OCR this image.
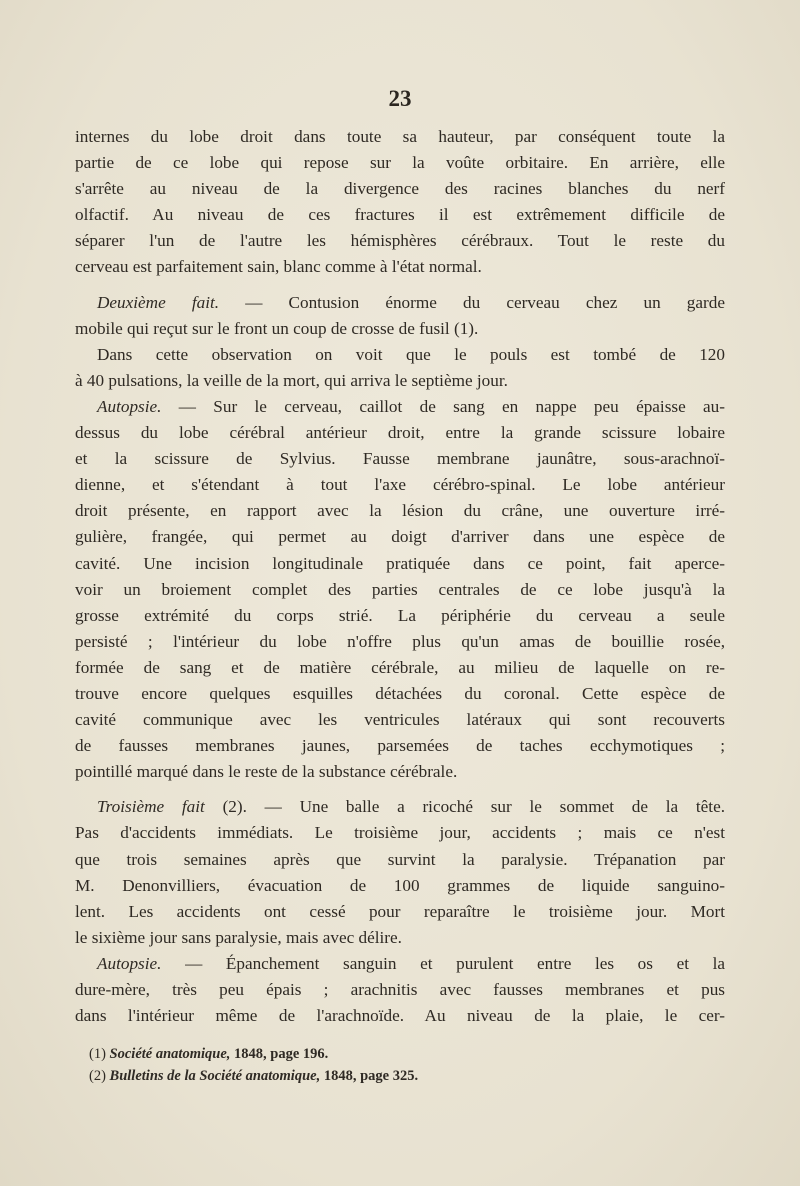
23
internes du lobe droit dans toute sa hauteur, par conséquent toute la
partie de ce lobe qui repose sur la voûte orbitaire. En arrière, elle
s'arrête au niveau de la divergence des racines blanches du nerf
olfactif. Au niveau de ces fractures il est extrêmement difficile de
séparer l'un de l'autre les hémisphères cérébraux. Tout le reste du
cerveau est parfaitement sain, blanc comme à l'état normal.
Deuxième fait. — Contusion énorme du cerveau chez un garde
mobile qui reçut sur le front un coup de crosse de fusil (1).
Dans cette observation on voit que le pouls est tombé de 120
à 40 pulsations, la veille de la mort, qui arriva le septième jour.
Autopsie. — Sur le cerveau, caillot de sang en nappe peu épaisse au-
dessus du lobe cérébral antérieur droit, entre la grande scissure lobaire
et la scissure de Sylvius. Fausse membrane jaunâtre, sous-arachnoï-
dienne, et s'étendant à tout l'axe cérébro-spinal. Le lobe antérieur
droit présente, en rapport avec la lésion du crâne, une ouverture irré-
gulière, frangée, qui permet au doigt d'arriver dans une espèce de
cavité. Une incision longitudinale pratiquée dans ce point, fait aperce-
voir un broiement complet des parties centrales de ce lobe jusqu'à la
grosse extrémité du corps strié. La périphérie du cerveau a seule
persisté ; l'intérieur du lobe n'offre plus qu'un amas de bouillie rosée,
formée de sang et de matière cérébrale, au milieu de laquelle on re-
trouve encore quelques esquilles détachées du coronal. Cette espèce de
cavité communique avec les ventricules latéraux qui sont recouverts
de fausses membranes jaunes, parsemées de taches ecchymotiques ;
pointillé marqué dans le reste de la substance cérébrale.
Troisième fait (2). — Une balle a ricoché sur le sommet de la tête.
Pas d'accidents immédiats. Le troisième jour, accidents ; mais ce n'est
que trois semaines après que survint la paralysie. Trépanation par
M. Denonvilliers, évacuation de 100 grammes de liquide sanguino-
lent. Les accidents ont cessé pour reparaître le troisième jour. Mort
le sixième jour sans paralysie, mais avec délire.
Autopsie. — Épanchement sanguin et purulent entre les os et la
dure-mère, très peu épais ; arachnitis avec fausses membranes et pus
dans l'intérieur même de l'arachnoïde. Au niveau de la plaie, le cer-
(1) Société anatomique, 1848, page 196.
(2) Bulletins de la Société anatomique, 1848, page 325.
